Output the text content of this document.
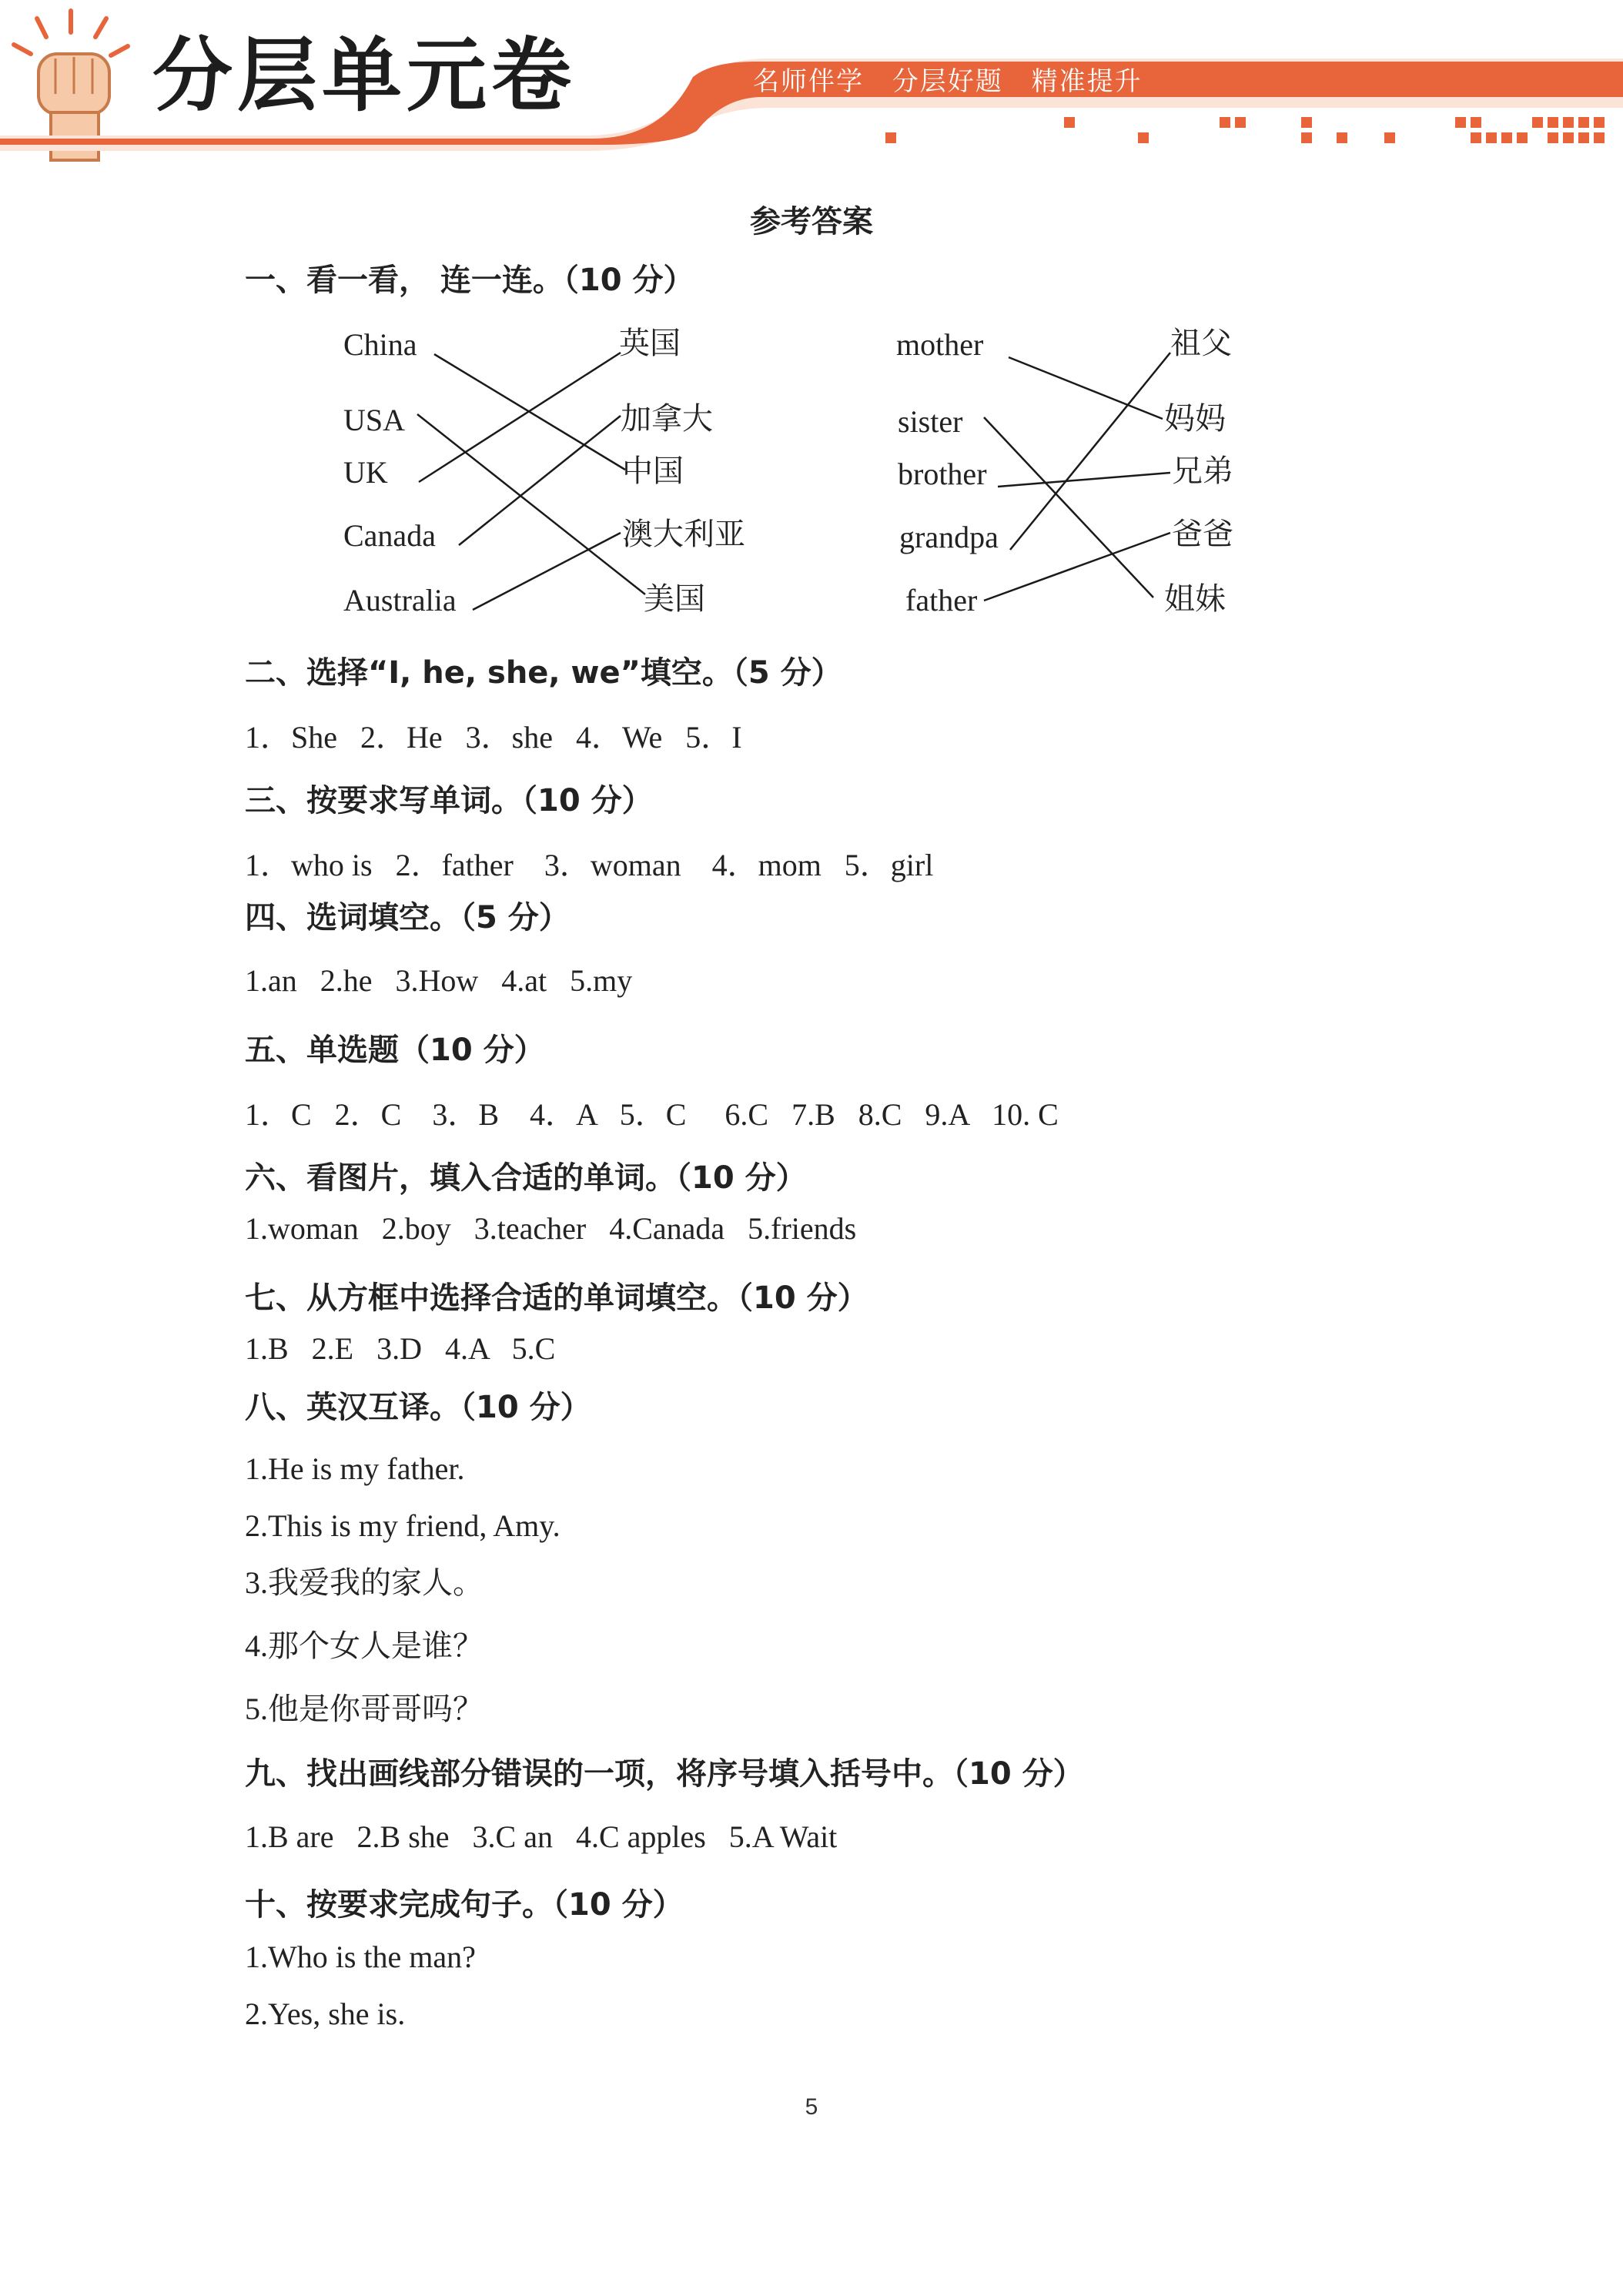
分层单元卷	名师伴学 分层好题 精准提升
参考答案
一、看一看， 连一连。（10 分）
China
USA
UK
Canada
Australia
英国
加拿大
中国
澳大利亚
美国
mother
sister
brother
grandpa
father
祖父
妈妈
兄弟
爸爸
姐妹
二、选择“I, he, she, we”填空。（5 分）
1．She   2．He   3．she   4．We   5．I
三、按要求写单词。（10 分）
1．who is   2．father    3．woman    4．mom   5．girl
四、选词填空。（5 分）
1.an   2.he   3.How   4.at   5.my
五、单选题（10 分）
1．C   2．C    3．B    4．A   5．C     6.C   7.B   8.C   9.A   10. C
六、看图片，填入合适的单词。（10 分）
1.woman   2.boy   3.teacher   4.Canada   5.friends
七、从方框中选择合适的单词填空。（10 分）
1.B   2.E   3.D   4.A   5.C
八、英汉互译。（10 分）
1.He is my father.
2.This is my friend, Amy.
3.我爱我的家人。
4.那个女人是谁？
5.他是你哥哥吗？
九、找出画线部分错误的一项，将序号填入括号中。（10 分）
1.B are   2.B she   3.C an   4.C apples   5.A Wait
十、按要求完成句子。（10 分）
1.Who is the man?
2.Yes, she is.
5
